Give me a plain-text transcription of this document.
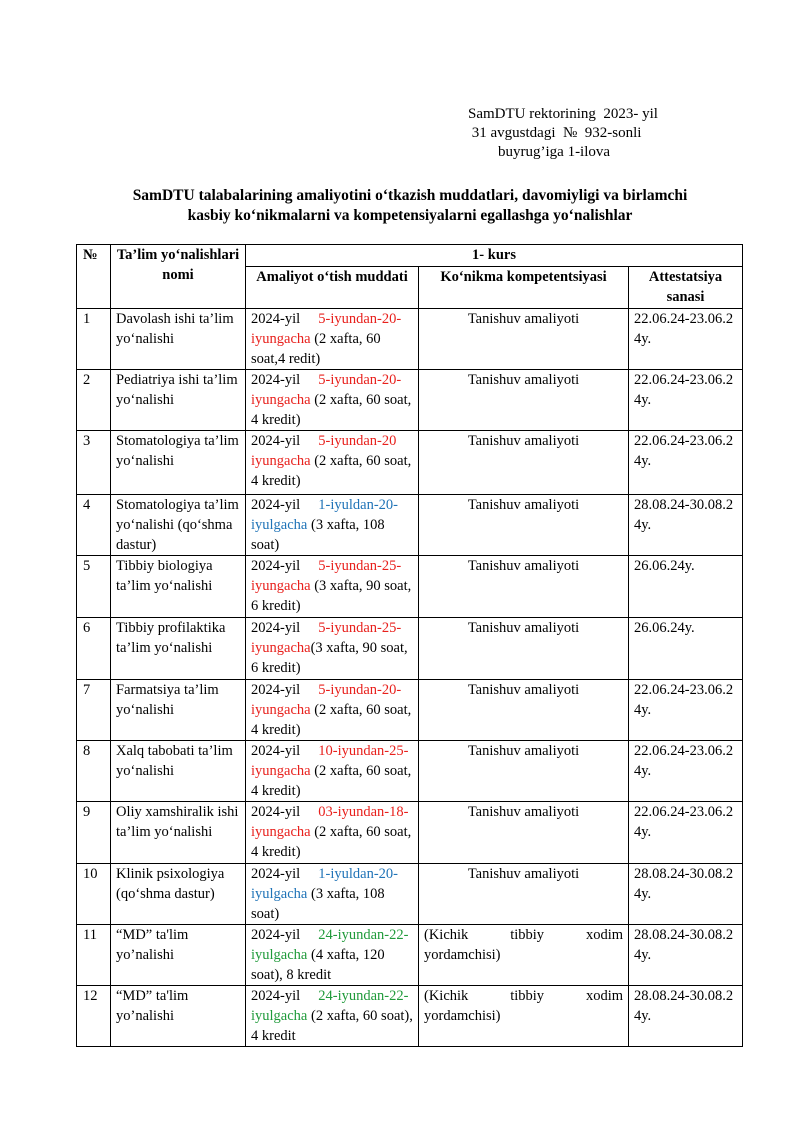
SamDTU rektorining  2023- yil
31 avgustdagi  №  932-sonli
buyrug’iga 1-ilova
SamDTU talabalarining amaliyotini o‘tkazish muddatlari, davomiyligi va birlamchi
kasbiy ko‘nikmalarni va kompetensiyalarni egallashga yo‘nalishlar
№	Ta’lim yo‘nalishlari nomi	1- kurs		
		Amaliyot o‘tish muddati	Ko‘nikma kompetentsiyasi	Attestatsiya sanasi
1	Davolash ishi ta’lim yo‘nalishi	2024-yil 5-iyundan-20-iyungacha (2 xafta, 60 soat,4 redit)	Tanishuv amaliyoti	22.06.24-23.06.24y.
2	Pediatriya ishi ta’lim yo‘nalishi	2024-yil 5-iyundan-20-iyungacha (2 xafta, 60 soat, 4 kredit)	Tanishuv amaliyoti	22.06.24-23.06.24y.
3	Stomatologiya ta’lim yo‘nalishi	2024-yil 5-iyundan-20 iyungacha (2 xafta, 60 soat, 4 kredit)	Tanishuv amaliyoti	22.06.24-23.06.24y.
4	Stomatologiya ta’lim yo‘nalishi (qo‘shma dastur)	2024-yil 1-iyuldan-20- iyulgacha (3 xafta, 108 soat)	Tanishuv amaliyoti	28.08.24-30.08.24y.
5	Tibbiy biologiya ta’lim yo‘nalishi	2024-yil 5-iyundan-25-iyungacha (3 xafta, 90 soat, 6 kredit)	Tanishuv amaliyoti	26.06.24y.
6	Tibbiy profilaktika ta’lim yo‘nalishi	2024-yil 5-iyundan-25-iyungacha(3 xafta, 90 soat, 6 kredit)	Tanishuv amaliyoti	26.06.24y.
7	Farmatsiya ta’lim yo‘nalishi	2024-yil 5-iyundan-20-iyungacha (2 xafta, 60 soat, 4 kredit)	Tanishuv amaliyoti	22.06.24-23.06.24y.
8	Xalq tabobati ta’lim yo‘nalishi	2024-yil 10-iyundan-25-iyungacha (2 xafta, 60 soat, 4 kredit)	Tanishuv amaliyoti	22.06.24-23.06.24y.
9	Oliy xamshiralik ishi ta’lim yo‘nalishi	2024-yil 03-iyundan-18-iyungacha (2 xafta, 60 soat, 4 kredit)	Tanishuv amaliyoti	22.06.24-23.06.24y.
10	Klinik psixologiya (qo‘shma dastur)	2024-yil 1-iyuldan-20- iyulgacha (3 xafta, 108 soat)	Tanishuv amaliyoti	28.08.24-30.08.24y.
11	“MD” ta'lim yo’nalishi	2024-yil 24-iyundan-22-iyulgacha (4 xafta, 120 soat), 8 kredit	(Kichik tibbiy xodim yordamchisi)	28.08.24-30.08.24y.
12	“MD” ta'lim yo’nalishi	2024-yil 24-iyundan-22-iyulgacha (2 xafta, 60 soat), 4 kredit	(Kichik tibbiy xodim yordamchisi)	28.08.24-30.08.24y.
